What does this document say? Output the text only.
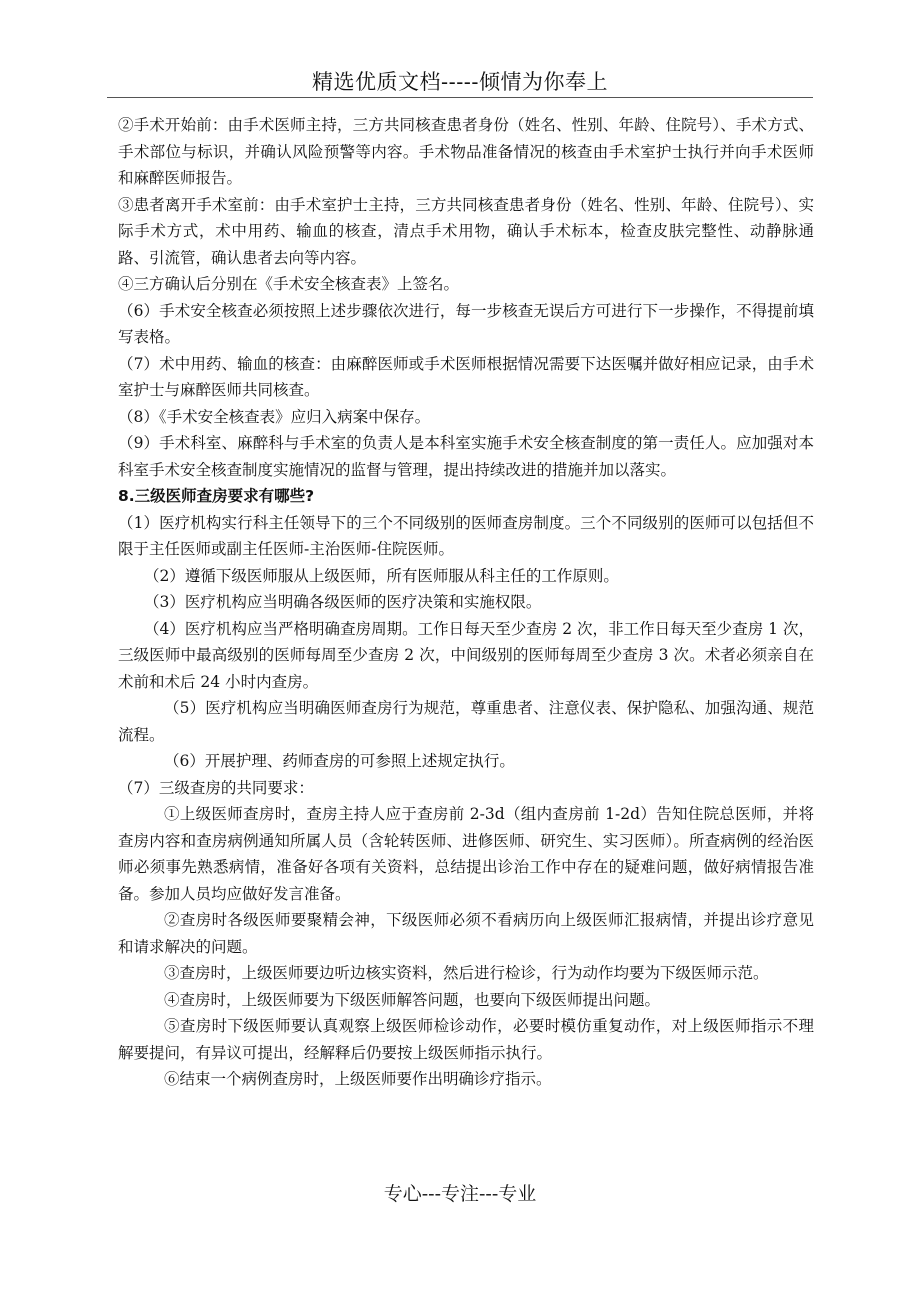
精选优质文档-----倾情为你奉上

②手术开始前：由手术医师主持，三方共同核查患者身份（姓名、性别、年龄、住院号）、手术方式、手术部位与标识，并确认风险预警等内容。手术物品准备情况的核查由手术室护士执行并向手术医师和麻醉医师报告。

③患者离开手术室前：由手术室护士主持，三方共同核查患者身份（姓名、性别、年龄、住院号）、实际手术方式，术中用药、输血的核查，清点手术用物，确认手术标本，检查皮肤完整性、动静脉通路、引流管，确认患者去向等内容。

④三方确认后分别在《手术安全核查表》上签名。

（6）手术安全核查必须按照上述步骤依次进行，每一步核查无误后方可进行下一步操作，不得提前填写表格。

（7）术中用药、输血的核查：由麻醉医师或手术医师根据情况需要下达医嘱并做好相应记录，由手术室护士与麻醉医师共同核查。

（8）《手术安全核查表》应归入病案中保存。

（9）手术科室、麻醉科与手术室的负责人是本科室实施手术安全核查制度的第一责任人。应加强对本科室手术安全核查制度实施情况的监督与管理，提出持续改进的措施并加以落实。

8.三级医师查房要求有哪些?

（1）医疗机构实行科主任领导下的三个不同级别的医师查房制度。三个不同级别的医师可以包括但不限于主任医师或副主任医师-主治医师-住院医师。

（2）遵循下级医师服从上级医师，所有医师服从科主任的工作原则。

（3）医疗机构应当明确各级医师的医疗决策和实施权限。

（4）医疗机构应当严格明确查房周期。工作日每天至少查房 2 次，非工作日每天至少查房 1 次，三级医师中最高级别的医师每周至少查房 2 次，中间级别的医师每周至少查房 3 次。术者必须亲自在术前和术后 24 小时内查房。

（5）医疗机构应当明确医师查房行为规范，尊重患者、注意仪表、保护隐私、加强沟通、规范流程。

（6）开展护理、药师查房的可参照上述规定执行。

（7）三级查房的共同要求：

①上级医师查房时，查房主持人应于查房前 2-3d（组内查房前 1-2d）告知住院总医师，并将查房内容和查房病例通知所属人员（含轮转医师、进修医师、研究生、实习医师）。所查病例的经治医师必须事先熟悉病情，准备好各项有关资料，总结提出诊治工作中存在的疑难问题，做好病情报告准备。参加人员均应做好发言准备。

②查房时各级医师要聚精会神，下级医师必须不看病历向上级医师汇报病情，并提出诊疗意见和请求解决的问题。

③查房时，上级医师要边听边核实资料，然后进行检诊，行为动作均要为下级医师示范。

④查房时，上级医师要为下级医师解答问题，也要向下级医师提出问题。

⑤查房时下级医师要认真观察上级医师检诊动作，必要时模仿重复动作，对上级医师指示不理解要提问，有异议可提出，经解释后仍要按上级医师指示执行。

⑥结束一个病例查房时，上级医师要作出明确诊疗指示。

专心---专注---专业
